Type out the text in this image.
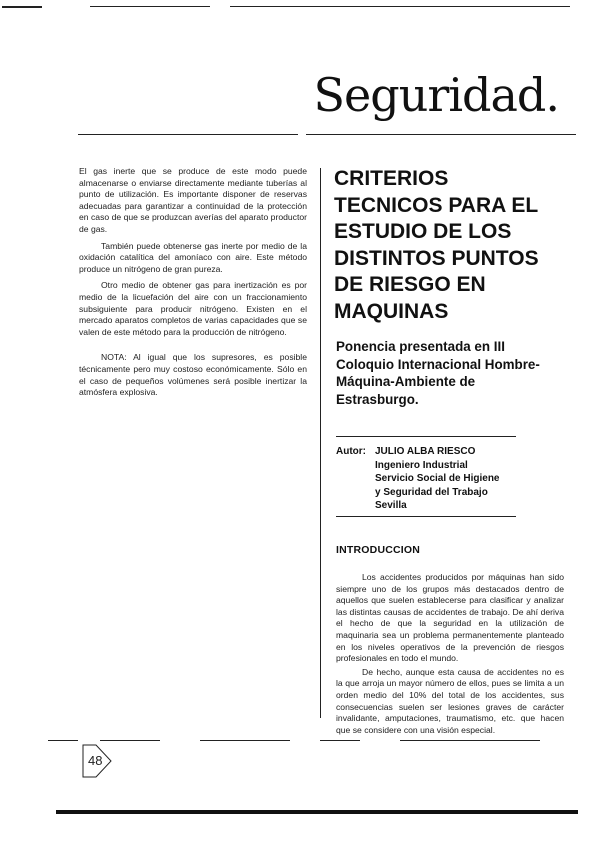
Seguridad.

El gas inerte que se produce de este modo puede almacenarse o enviarse directamente mediante tuberías al punto de utilización. Es importante disponer de reservas adecuadas para garantizar a continuidad de la protección en caso de que se produzcan averías del aparato productor de gas.

También puede obtenerse gas inerte por medio de la oxidación catalítica del amoníaco con aire. Este método produce un nitrógeno de gran pureza.

Otro medio de obtener gas para inertización es por medio de la licuefación del aire con un fraccionamiento subsiguiente para producir nitrógeno. Existen en el mercado aparatos completos de varias capacidades que se valen de este método para la producción de nitrógeno.

NOTA: Al igual que los supresores, es posible técnicamente pero muy costoso económicamente. Sólo en el caso de pequeños volúmenes será posible inertizar la atmósfera explosiva.

CRITERIOS
TECNICOS PARA EL
ESTUDIO DE LOS
DISTINTOS PUNTOS
DE RIESGO EN
MAQUINAS
Ponencia presentada en III
Coloquio Internacional Hombre-
Máquina-Ambiente de
Estrasburgo.
Autor: JULIO ALBA RIESCO
Ingeniero Industrial
Servicio Social de Higiene
y Seguridad del Trabajo
Sevilla
INTRODUCCION

Los accidentes producidos por máquinas han sido siempre uno de los grupos más destacados dentro de aquellos que suelen establecerse para clasificar y analizar las distintas causas de accidentes de trabajo. De ahí deriva el hecho de que la seguridad en la utilización de maquinaria sea un problema permanentemente planteado en los niveles operativos de la prevención de riesgos profesionales en todo el mundo.

De hecho, aunque esta causa de accidentes no es la que arroja un mayor número de ellos, pues se limita a un orden medio del 10% del total de los accidentes, sus consecuencias suelen ser lesiones graves de carácter invalidante, amputaciones, traumatismo, etc. que hacen que se considere con una visión especial.

48
